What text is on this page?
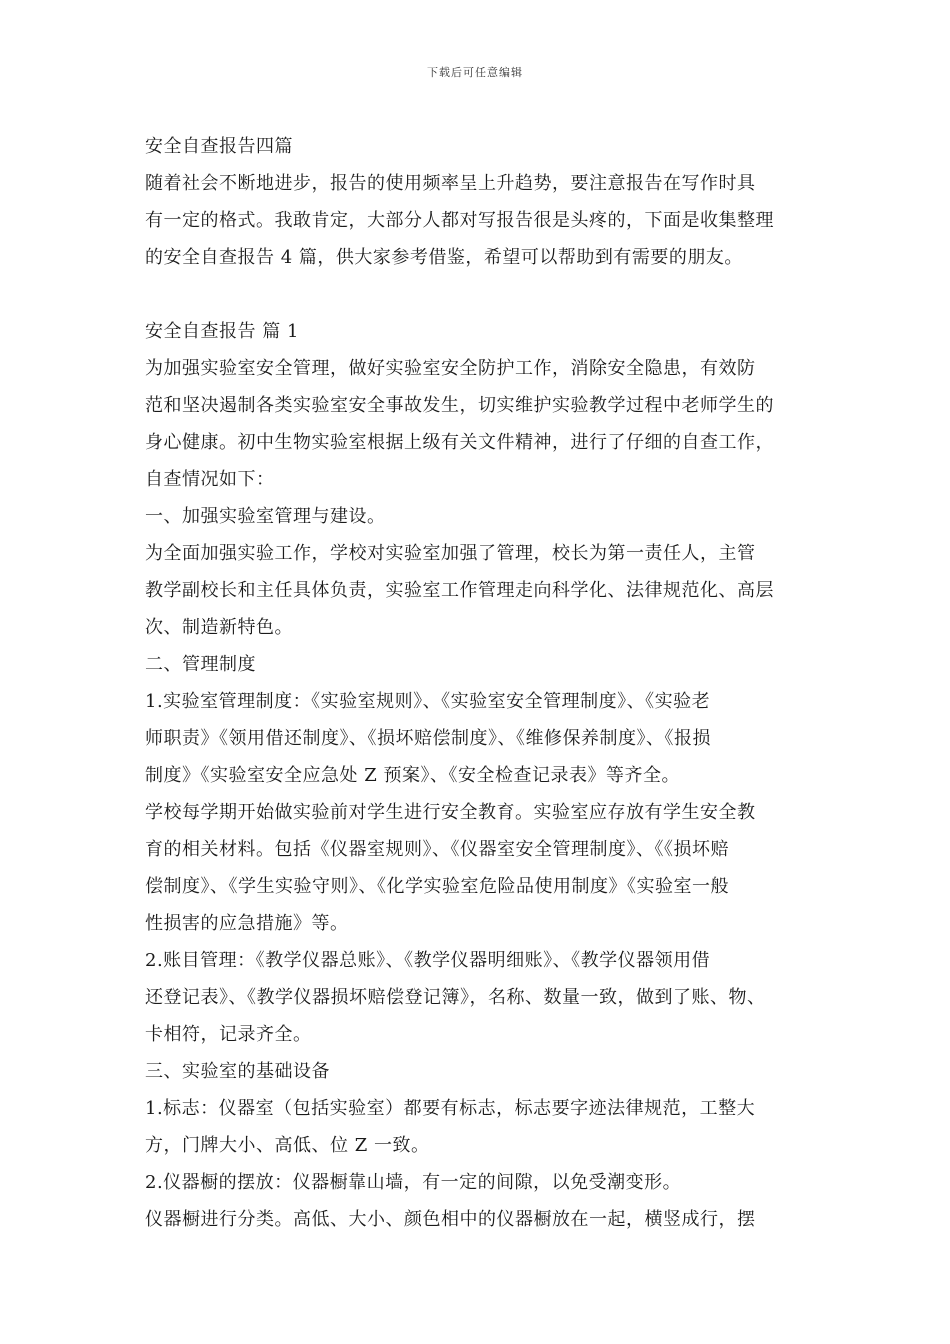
下载后可任意编辑
安全自查报告四篇
随着社会不断地进步，报告的使用频率呈上升趋势，要注意报告在写作时具
有一定的格式。我敢肯定，大部分人都对写报告很是头疼的，下面是收集整理
的安全自查报告 4 篇，供大家参考借鉴，希望可以帮助到有需要的朋友。
安全自查报告 篇 1
为加强实验室安全管理，做好实验室安全防护工作，消除安全隐患，有效防
范和坚决遏制各类实验室安全事故发生，切实维护实验教学过程中老师学生的
身心健康。初中生物实验室根据上级有关文件精神，进行了仔细的自查工作，
自查情况如下：
一、加强实验室管理与建设。
为全面加强实验工作，学校对实验室加强了管理，校长为第一责任人，主管
教学副校长和主任具体负责，实验室工作管理走向科学化、法律规范化、高层
次、制造新特色。
二、管理制度
1.实验室管理制度：《实验室规则》、《实验室安全管理制度》、《实验老
师职责》《领用借还制度》、《损坏赔偿制度》、《维修保养制度》、《报损
制度》《实验室安全应急处 Z 预案》、《安全检查记录表》等齐全。
学校每学期开始做实验前对学生进行安全教育。实验室应存放有学生安全教
育的相关材料。包括《仪器室规则》、《仪器室安全管理制度》、《《损坏赔
偿制度》、《学生实验守则》、《化学实验室危险品使用制度》《实验室一般
性损害的应急措施》等。
2.账目管理：《教学仪器总账》、《教学仪器明细账》、《教学仪器领用借
还登记表》、《教学仪器损坏赔偿登记簿》，名称、数量一致，做到了账、物、
卡相符，记录齐全。
三、实验室的基础设备
1.标志：仪器室（包括实验室）都要有标志，标志要字迹法律规范，工整大
方，门牌大小、高低、位 Z 一致。
2.仪器橱的摆放：仪器橱靠山墙，有一定的间隙，以免受潮变形。
仪器橱进行分类。高低、大小、颜色相中的仪器橱放在一起，横竖成行，摆
